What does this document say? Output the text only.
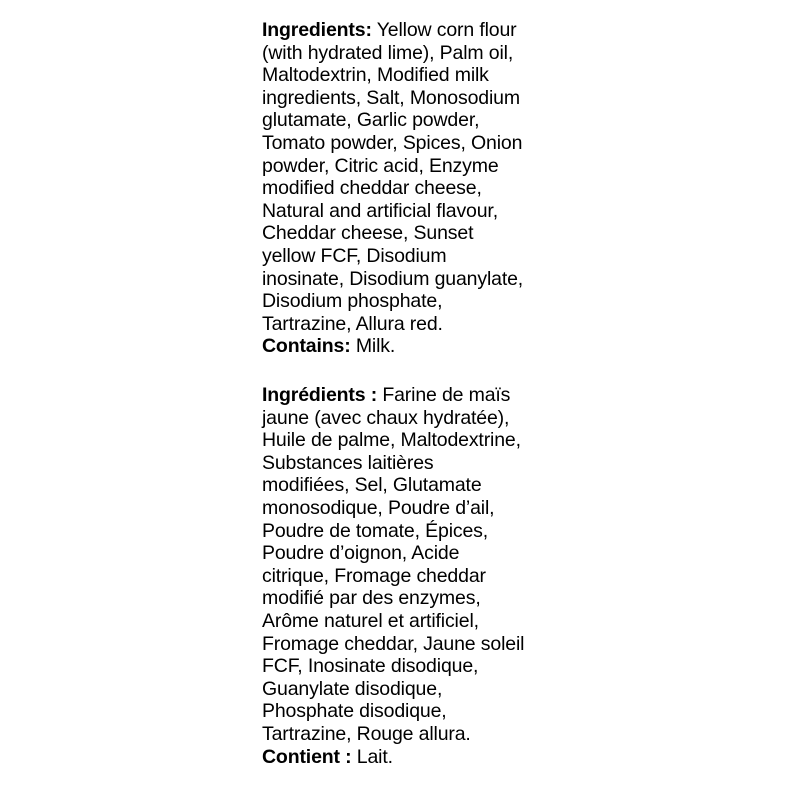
Ingredients: Yellow corn flour
(with hydrated lime), Palm oil,
Maltodextrin, Modified milk
ingredients, Salt, Monosodium
glutamate, Garlic powder,
Tomato powder, Spices, Onion
powder, Citric acid, Enzyme
modified cheddar cheese,
Natural and artificial flavour,
Cheddar cheese, Sunset
yellow FCF, Disodium
inosinate, Disodium guanylate,
Disodium phosphate,
Tartrazine, Allura red.
Contains: Milk.
Ingrédients : Farine de maïs
jaune (avec chaux hydratée),
Huile de palme, Maltodextrine,
Substances laitières
modifiées, Sel, Glutamate
monosodique, Poudre d’ail,
Poudre de tomate, Épices,
Poudre d’oignon, Acide
citrique, Fromage cheddar
modifié par des enzymes,
Arôme naturel et artificiel,
Fromage cheddar, Jaune soleil
FCF, Inosinate disodique,
Guanylate disodique,
Phosphate disodique,
Tartrazine, Rouge allura.
Contient : Lait.
